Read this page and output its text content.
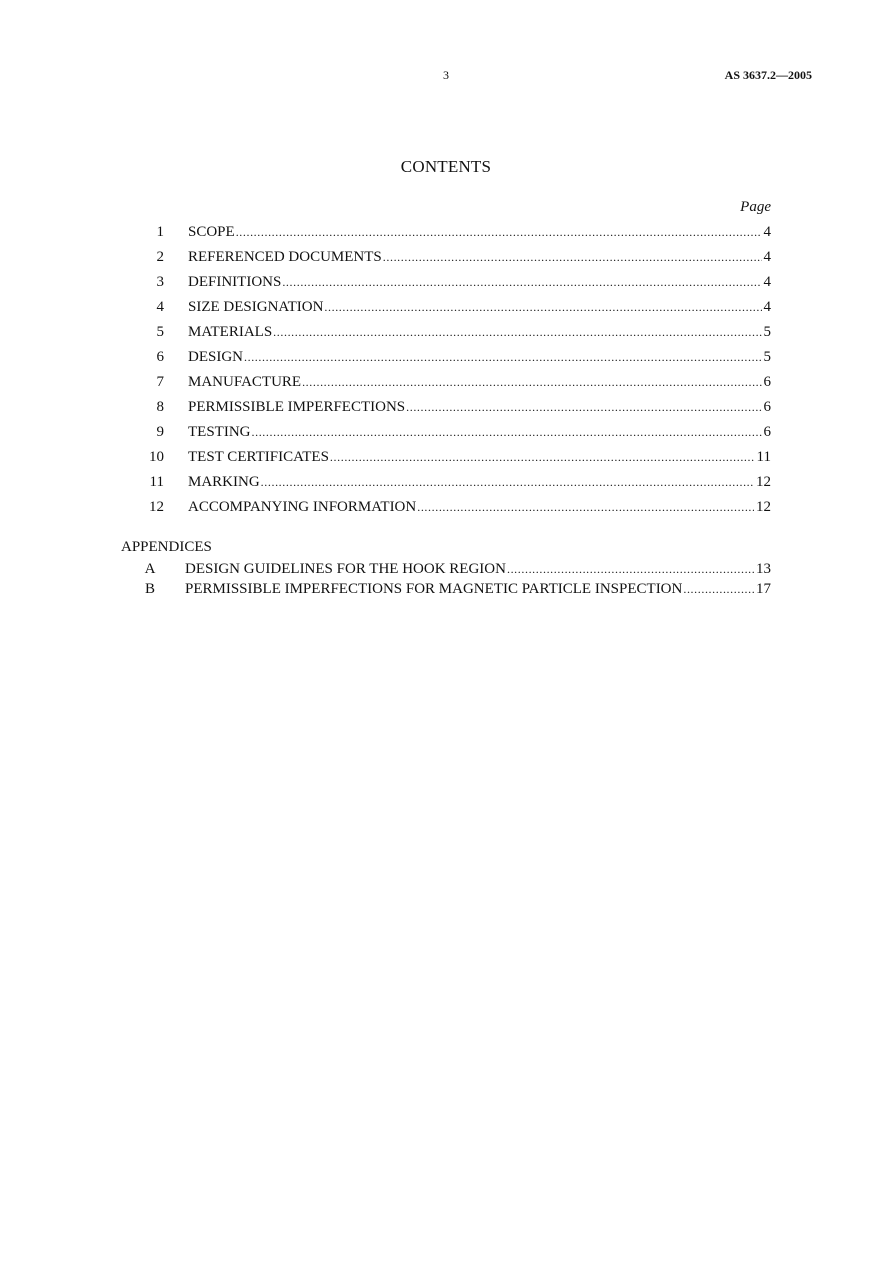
3	AS 3637.2—2005
CONTENTS
Page
1 SCOPE .....	4
2 REFERENCED DOCUMENTS .....	4
3 DEFINITIONS .....	4
4 SIZE DESIGNATION .....	4
5 MATERIALS .....	5
6 DESIGN .....	5
7 MANUFACTURE .....	6
8 PERMISSIBLE IMPERFECTIONS .....	6
9 TESTING .....	6
10 TEST CERTIFICATES .....	11
11 MARKING .....	12
12 ACCOMPANYING INFORMATION .....	12
APPENDICES
A	DESIGN GUIDELINES FOR THE HOOK REGION .....	13
B	PERMISSIBLE IMPERFECTIONS FOR MAGNETIC PARTICLE INSPECTION .....	17
